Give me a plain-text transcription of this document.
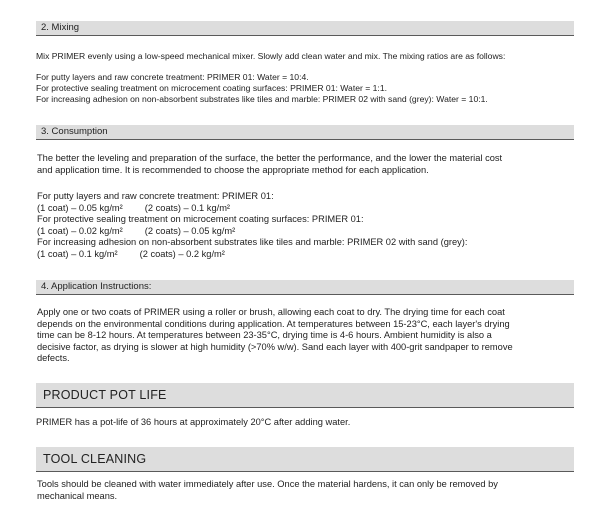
2. Mixing
Mix PRIMER evenly using a low-speed mechanical mixer. Slowly add clean water and mix. The mixing ratios are as follows:
For putty layers and raw concrete treatment: PRIMER 01: Water = 10:4.
For protective sealing treatment on microcement coating surfaces: PRIMER 01: Water = 1:1.
For increasing adhesion on non-absorbent substrates like tiles and marble: PRIMER 02 with sand (grey): Water = 10:1.
3. Consumption
The better the leveling and preparation of the surface, the better the performance, and the lower the material cost
and application time. It is recommended to choose the appropriate method for each application.
For putty layers and raw concrete treatment: PRIMER 01:
(1 coat) – 0.05 kg/m² (2 coats) – 0.1 kg/m²
For protective sealing treatment on microcement coating surfaces: PRIMER 01:
(1 coat) – 0.02 kg/m² (2 coats) – 0.05 kg/m²
For increasing adhesion on non-absorbent substrates like tiles and marble: PRIMER 02 with sand (grey):
(1 coat) – 0.1 kg/m² (2 coats) – 0.2 kg/m²
4. Application Instructions:
Apply one or two coats of PRIMER using a roller or brush, allowing each coat to dry. The drying time for each coat
depends on the environmental conditions during application. At temperatures between 15-23°C, each layer's drying
time can be 8-12 hours. At temperatures between 23-35°C, drying time is 4-6 hours. Ambient humidity is also a
decisive factor, as drying is slower at high humidity (>70% w/w). Sand each layer with 400-grit sandpaper to remove
defects.
PRODUCT POT LIFE
PRIMER has a pot-life of 36 hours at approximately 20°C after adding water.
TOOL CLEANING
Tools should be cleaned with water immediately after use. Once the material hardens, it can only be removed by
mechanical means.
